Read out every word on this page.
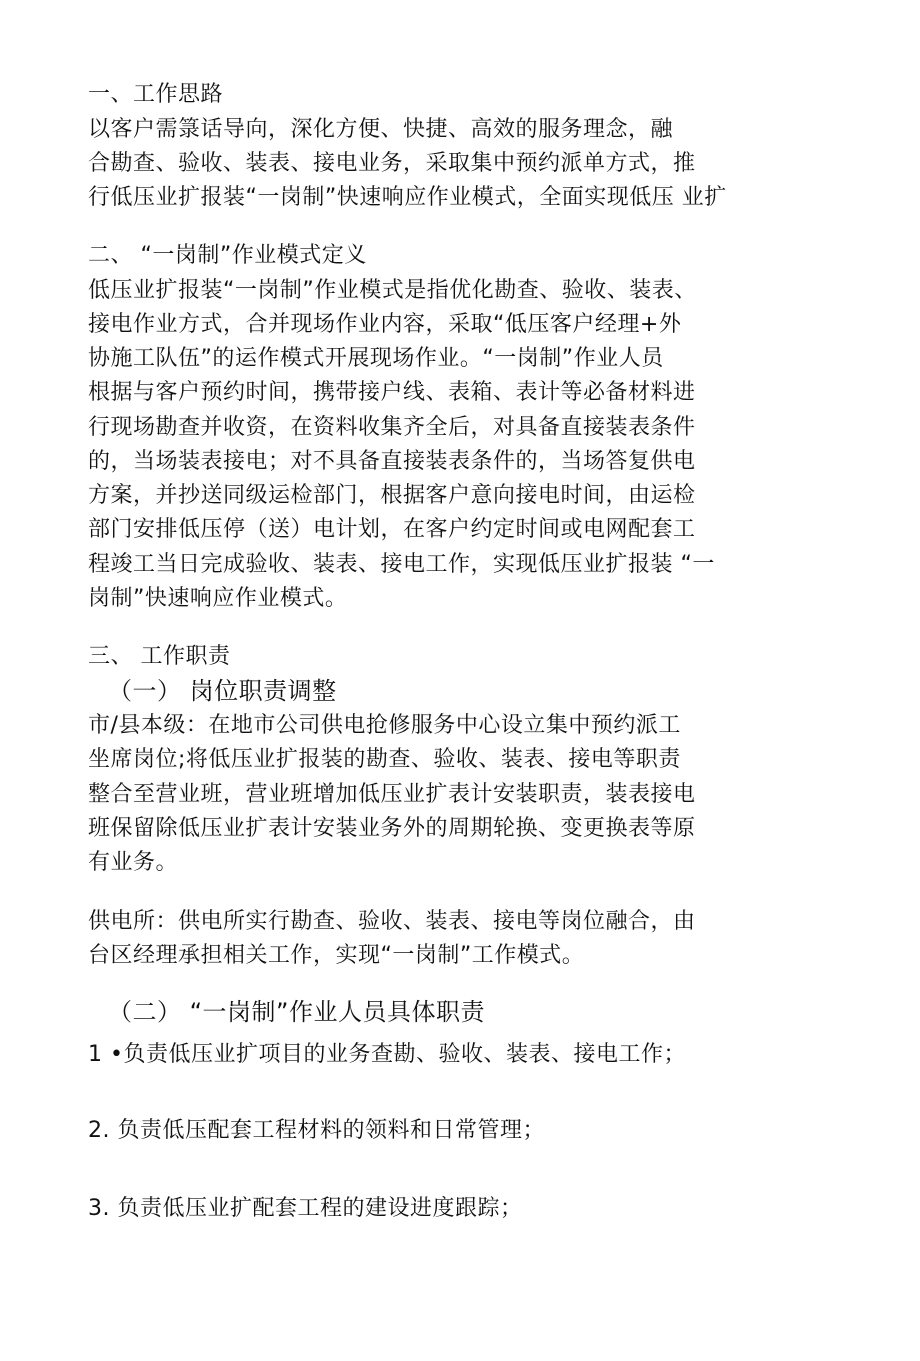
一、工作思路
以客户需箓话导向，深化方便、快捷、高效的服务理念，融
合勘查、验收、装表、接电业务，采取集中预约派单方式，推
行低压业扩报装“一岗制”快速响应作业模式，全面实现低压 业扩
二、 “一岗制”作业模式定义
低压业扩报装“一岗制”作业模式是指优化勘查、验收、装表、
接电作业方式，合并现场作业内容，采取“低压客户经理+外
协施工队伍”的运作模式开展现场作业。“一岗制”作业人员
根据与客户预约时间，携带接户线、表箱、表计等必备材料进
行现场勘查并收资，在资料收集齐全后，对具备直接装表条件
的，当场装表接电；对不具备直接装表条件的，当场答复供电
方案，并抄送同级运检部门，根据客户意向接电时间，由运检
部门安排低压停（送）电计划，在客户约定时间或电网配套工
程竣工当日完成验收、装表、接电工作，实现低压业扩报装 “一
岗制”快速响应作业模式。
三、 工作职责
（一） 岗位职责调整
市/县本级：在地市公司供电抢修服务中心设立集中预约派工
坐席岗位;将低压业扩报装的勘查、验收、装表、接电等职责
整合至营业班，营业班增加低压业扩表计安装职责，装表接电
班保留除低压业扩表计安装业务外的周期轮换、变更换表等原
有业务。
供电所：供电所实行勘查、验收、装表、接电等岗位融合，由
台区经理承担相关工作，实现“一岗制”工作模式。
（二） “一岗制”作业人员具体职责
1 •负责低压业扩项目的业务查勘、验收、装表、接电工作；
2. 负责低压配套工程材料的领料和日常管理；
3. 负责低压业扩配套工程的建设进度跟踪；
